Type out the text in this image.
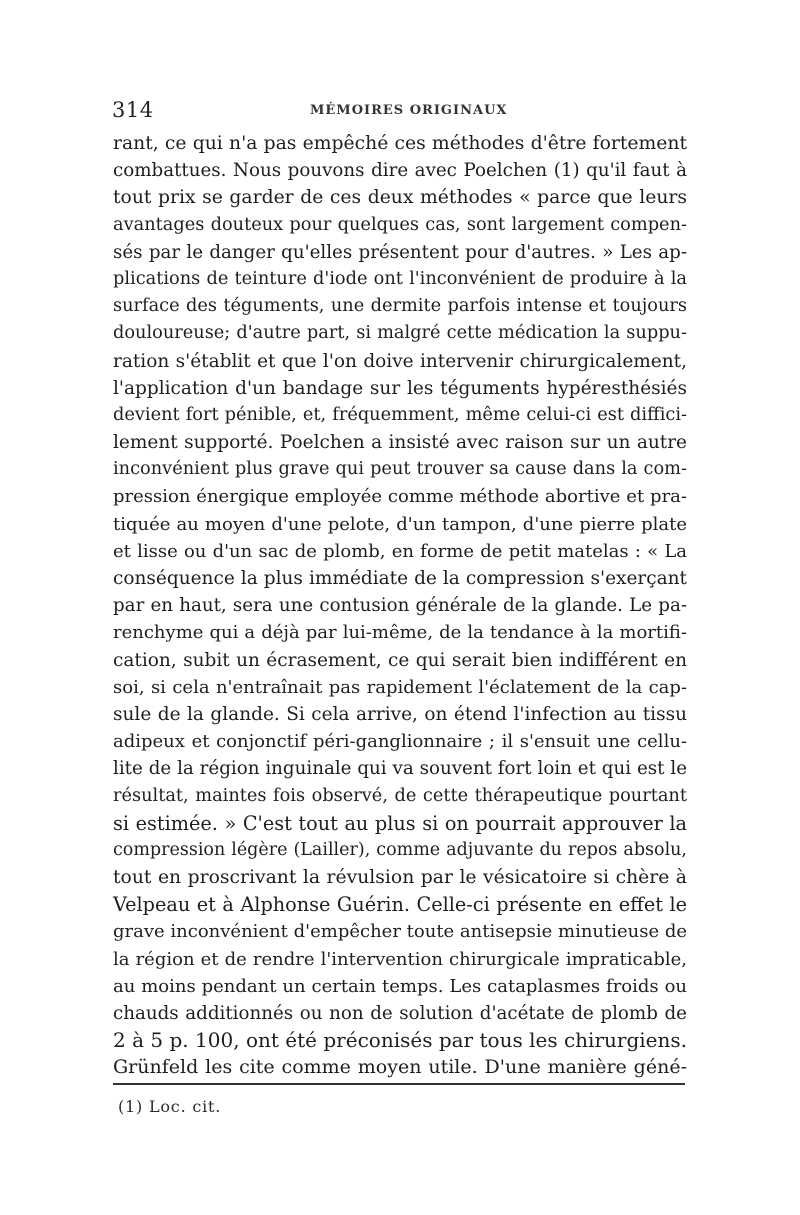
314	MÉMOIRES ORIGINAUX
rant, ce qui n'a pas empêché ces méthodes d'être fortement
combattues. Nous pouvons dire avec Poelchen (1) qu'il faut à
tout prix se garder de ces deux méthodes « parce que leurs
avantages douteux pour quelques cas, sont largement compen-
sés par le danger qu'elles présentent pour d'autres. » Les ap-
plications de teinture d'iode ont l'inconvénient de produire à la
surface des téguments, une dermite parfois intense et toujours
douloureuse; d'autre part, si malgré cette médication la suppu-
ration s'établit et que l'on doive intervenir chirurgicalement,
l'application d'un bandage sur les téguments hypéresthésiés
devient fort pénible, et, fréquemment, même celui-ci est diffici-
lement supporté. Poelchen a insisté avec raison sur un autre
inconvénient plus grave qui peut trouver sa cause dans la com-
pression énergique employée comme méthode abortive et pra-
tiquée au moyen d'une pelote, d'un tampon, d'une pierre plate
et lisse ou d'un sac de plomb, en forme de petit matelas : « La
conséquence la plus immédiate de la compression s'exerçant
par en haut, sera une contusion générale de la glande. Le pa-
renchyme qui a déjà par lui-même, de la tendance à la mortifi-
cation, subit un écrasement, ce qui serait bien indifférent en
soi, si cela n'entraînait pas rapidement l'éclatement de la cap-
sule de la glande. Si cela arrive, on étend l'infection au tissu
adipeux et conjonctif péri-ganglionnaire ; il s'ensuit une cellu-
lite de la région inguinale qui va souvent fort loin et qui est le
résultat, maintes fois observé, de cette thérapeutique pourtant
si estimée. » C'est tout au plus si on pourrait approuver la
compression légère (Lailler), comme adjuvante du repos absolu,
tout en proscrivant la révulsion par le vésicatoire si chère à
Velpeau et à Alphonse Guérin. Celle-ci présente en effet le
grave inconvénient d'empêcher toute antisepsie minutieuse de
la région et de rendre l'intervention chirurgicale impraticable,
au moins pendant un certain temps. Les cataplasmes froids ou
chauds additionnés ou non de solution d'acétate de plomb de
2 à 5 p. 100, ont été préconisés par tous les chirurgiens.
Grünfeld les cite comme moyen utile. D'une manière géné-
(1) Loc. cit.
